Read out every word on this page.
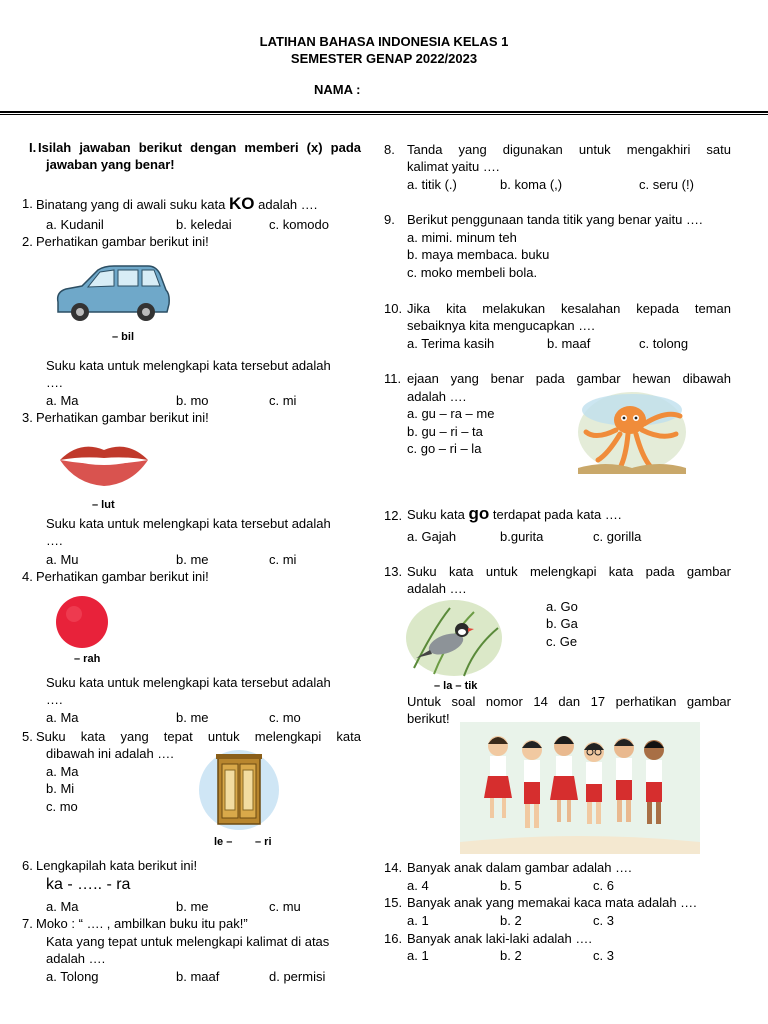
LATIHAN BAHASA INDONESIA KELAS 1
SEMESTER GENAP 2022/2023
NAMA :
I. Isilah jawaban berikut dengan memberi (x) pada
jawaban yang benar!
1. Binatang yang di awali suku kata KO adalah ….
a. Kudanil	b. keledai	c. komodo
2. Perhatikan gambar berikut ini!
– bil
Suku kata untuk melengkapi kata tersebut adalah
….
a. Ma	b. mo	c. mi
3. Perhatikan gambar berikut ini!
– lut
Suku kata untuk melengkapi kata tersebut adalah
….
a. Mu	b. me	c. mi
4. Perhatikan gambar berikut ini!
– rah
Suku kata untuk melengkapi kata tersebut adalah
….
a. Ma	b. me	c. mo
5. Suku kata yang tepat untuk melengkapi kata
dibawah ini adalah ….
a. Ma
b. Mi
c. mo
le – – ri
6. Lengkapilah kata berikut ini!
ka - ….. - ra
a. Ma	b. me	c. mu
7. Moko : “ …. , ambilkan buku itu pak!”
Kata yang tepat untuk melengkapi kalimat di atas
adalah ….
a. Tolong	b. maaf	d. permisi
8. Tanda yang digunakan untuk mengakhiri satu
kalimat yaitu ….
a. titik (.)	b. koma (,)	c. seru (!)
9. Berikut penggunaan tanda titik yang benar yaitu ….
a. mimi. minum teh
b. maya membaca. buku
c. moko membeli bola.
10. Jika kita melakukan kesalahan kepada teman
sebaiknya kita mengucapkan ….
a. Terima kasih	b. maaf	c. tolong
11. ejaan yang benar pada gambar hewan dibawah
adalah ….
a. gu – ra – me
b. gu – ri – ta
c. go – ri – la
12. Suku kata go terdapat pada kata ….
a. Gajah	b.gurita	c. gorilla
13. Suku kata untuk melengkapi kata pada gambar
adalah ….
a. Go
b. Ga
c. Ge
– la – tik
Untuk soal nomor 14 dan 17 perhatikan gambar
berikut!
14. Banyak anak dalam gambar adalah ….
a. 4	b. 5	c. 6
15. Banyak anak yang memakai kaca mata adalah ….
a. 1	b. 2	c. 3
16. Banyak anak laki-laki adalah ….
a. 1	b. 2	c. 3
